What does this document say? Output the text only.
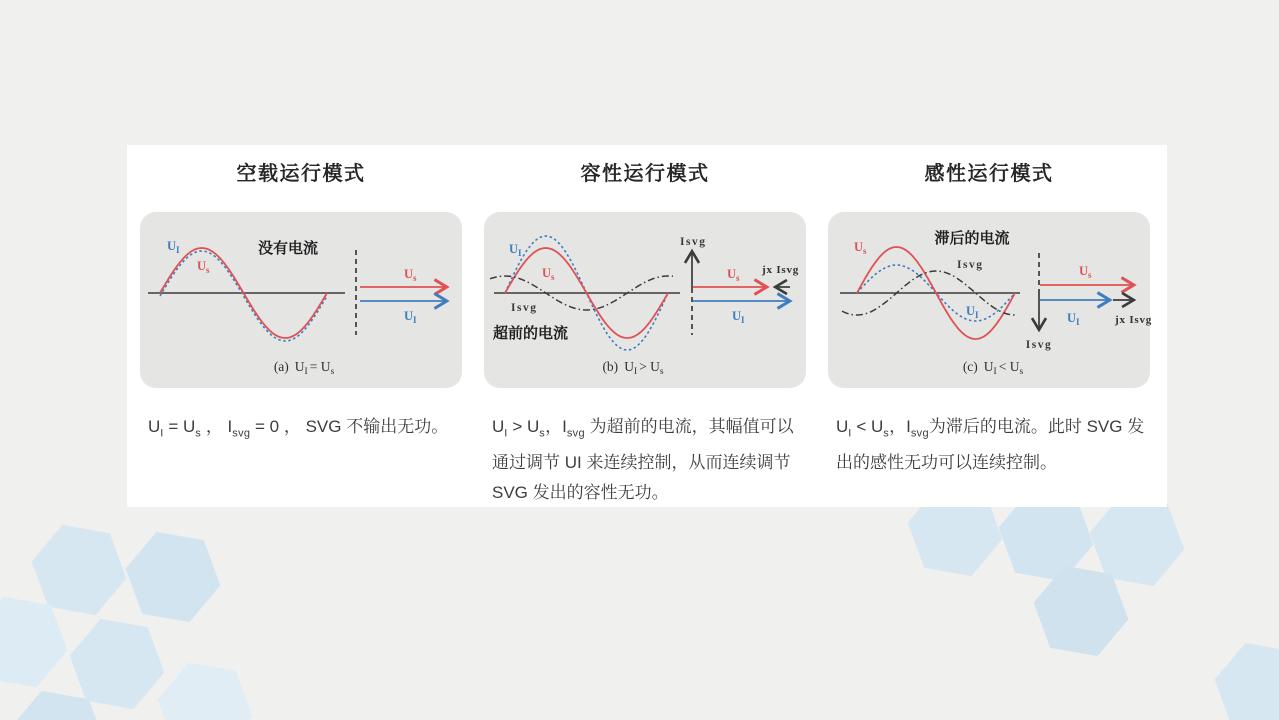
空载运行模式
$U_I$
$U_s$
没有电流
$U_s$
$U_I$
(a) $U_I = U_s$

$U_I = U_s$ ， $I_{svg} = 0$ ， SVG 不输出无功。

容性运行模式
$U_I$
$U_s$
Isvg
超前的电流
Isvg
$U_s$
jx Isvg
$U_I$
(b) $U_I > U_s$

$U_I > U_s$，$I_{svg}$ 为超前的电流，其幅值可以通过调节 UI 来连续控制，从而连续调节 SVG 发出的容性无功。

感性运行模式
$U_s$
Isvg
滞后的电流
$U_I$
Isvg
$U_s$
$U_I$	jx Isvg
(c) $U_I < U_s$

$U_I < U_s$，$I_{svg}$为滞后的电流。此时 SVG 发出的感性无功可以连续控制。
